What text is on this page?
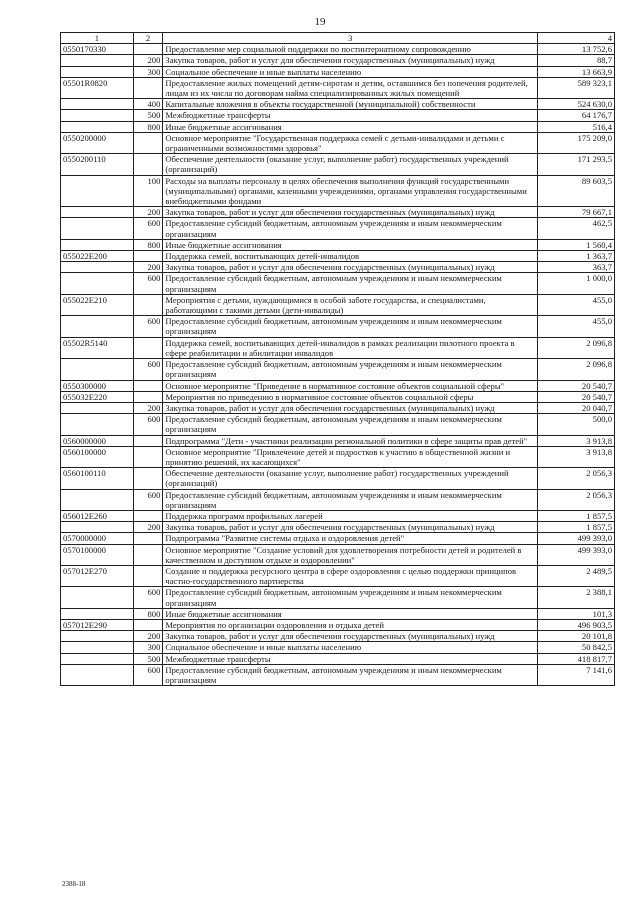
19
1	2	3	4
0550170330		Предоставление мер социальной поддержки по постинтернатному сопровождению	13 752,6
	200	Закупка товаров, работ и услуг для обеспечения государственных (муниципальных) нужд	88,7
	300	Социальное обеспечение и иные выплаты населению	13 663,9
05501R0820		Предоставление жилых помещений детям-сиротам и детям, оставшимся без попечения родителей, лицам из их числа по договорам найма специализированных жилых помещений	589 323,1
	400	Капитальные вложения в объекты государственной (муниципальной) собственности	524 630,0
	500	Межбюджетные трансферты	64 176,7
	800	Иные бюджетные ассигнования	516,4
0550200000		Основное мероприятие "Государственная поддержка семей с детьми-инвалидами и детьми с ограниченными возможностями здоровья"	175 209,0
0550200110		Обеспечение деятельности (оказание услуг, выполнение работ) государственных учреждений (организаций)	171 293,5
	100	Расходы на выплаты персоналу в целях обеспечения выполнения функций государственными (муниципальными) органами, казенными учреждениями, органами управления государственными внебюджетными фондами	89 603,5
	200	Закупка товаров, работ и услуг для обеспечения государственных (муниципальных) нужд	79 667,1
	600	Предоставление субсидий бюджетным, автономным учреждениям и иным некоммерческим организациям	462,5
	800	Иные бюджетные ассигнования	1 560,4
055022E200		Поддержка семей, воспитывающих детей-инвалидов	1 363,7
	200	Закупка товаров, работ и услуг для обеспечения государственных (муниципальных) нужд	363,7
	600	Предоставление субсидий бюджетным, автономным учреждениям и иным некоммерческим организациям	1 000,0
055022E210		Мероприятия с детьми, нуждающимися в особой заботе государства, и специалистами, работающими с такими детьми (дети-инвалиды)	455,0
	600	Предоставление субсидий бюджетным, автономным учреждениям и иным некоммерческим организациям	455,0
05502R5140		Поддержка семей, воспитывающих детей-инвалидов в рамках реализации пилотного проекта в сфере реабилитации и абилитации инвалидов	2 096,8
	600	Предоставление субсидий бюджетным, автономным учреждениям и иным некоммерческим организациям	2 096,8
0550300000		Основное мероприятие "Приведение в нормативное состояние объектов социальной сферы"	20 540,7
055032E220		Мероприятия по приведению в нормативное состояние объектов социальной сферы	20 540,7
	200	Закупка товаров, работ и услуг для обеспечения государственных (муниципальных) нужд	20 040,7
	600	Предоставление субсидий бюджетным, автономным учреждениям и иным некоммерческим организациям	500,0
0560000000		Подпрограмма "Дети - участники реализации региональной политики в сфере защиты прав детей"	3 913,8
0560100000		Основное мероприятие "Привлечение детей и подростков к участию в общественной жизни и принятию решений, их касающихся"	3 913,8
0560100110		Обеспечение деятельности (оказание услуг, выполнение работ) государственных учреждений (организаций)	2 056,3
	600	Предоставление субсидий бюджетным, автономным учреждениям и иным некоммерческим организациям	2 056,3
056012E260		Поддержка программ профильных лагерей	1 857,5
	200	Закупка товаров, работ и услуг для обеспечения государственных (муниципальных) нужд	1 857,5
0570000000		Подпрограмма "Развитие системы отдыха и оздоровления детей"	499 393,0
0570100000		Основное мероприятие "Создание условий для удовлетворения потребности детей и родителей в качественном и доступном отдыхе и оздоровлении"	499 393,0
057012E270		Создание и поддержка ресурсного центра в сфере оздоровления с целью поддержки принципов частно-государственного партнерства	2 489,5
	600	Предоставление субсидий бюджетным, автономным учреждениям и иным некоммерческим организациям	2 388,1
	800	Иные бюджетные ассигнования	101,3
057012E290		Мероприятия по организации оздоровления и отдыха детей	496 903,5
	200	Закупка товаров, работ и услуг для обеспечения государственных (муниципальных) нужд	20 101,8
	300	Социальное обеспечение и иные выплаты населению	50 842,5
	500	Межбюджетные трансферты	418 817,7
	600	Предоставление субсидий бюджетным, автономным учреждениям и иным некоммерческим организациям	7 141,6
2388-18
